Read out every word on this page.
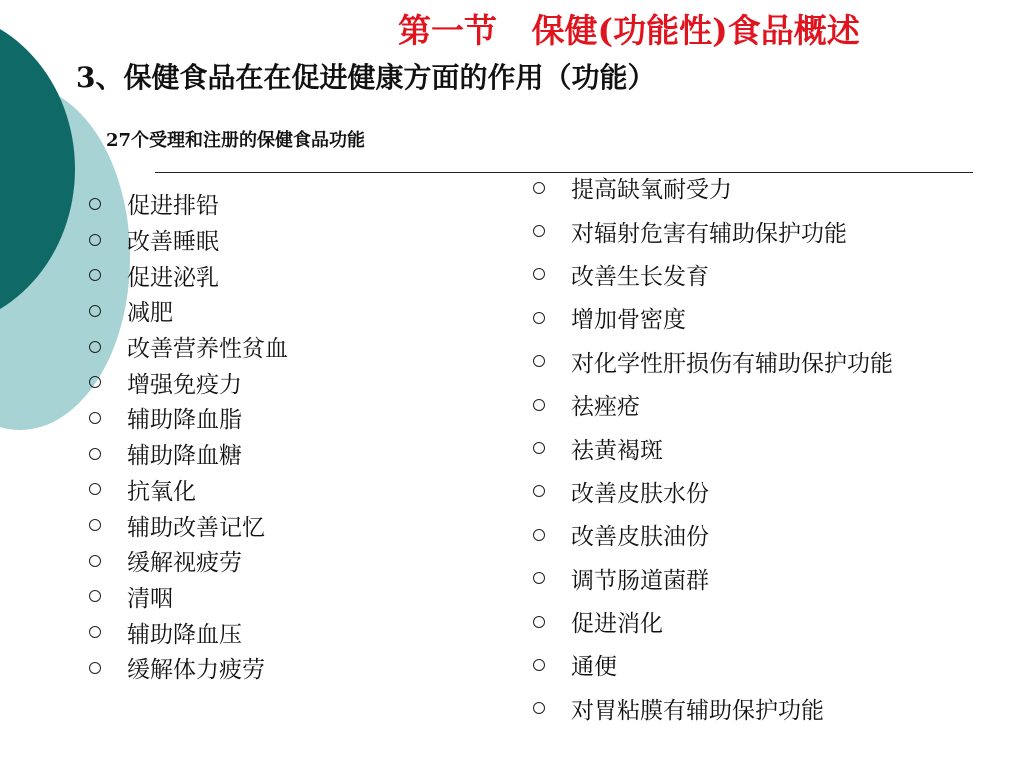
第一节   保健(功能性)食品概述
3、保健食品在在促进健康方面的作用（功能）
27个受理和注册的保健食品功能
促进排铅
改善睡眠
促进泌乳
减肥
改善营养性贫血
增强免疫力
辅助降血脂
辅助降血糖
抗氧化
辅助改善记忆
缓解视疲劳
清咽
辅助降血压
缓解体力疲劳
提高缺氧耐受力
对辐射危害有辅助保护功能
改善生长发育
增加骨密度
对化学性肝损伤有辅助保护功能
祛痤疮
祛黄褐斑
改善皮肤水份
改善皮肤油份
调节肠道菌群
促进消化
通便
对胃粘膜有辅助保护功能
